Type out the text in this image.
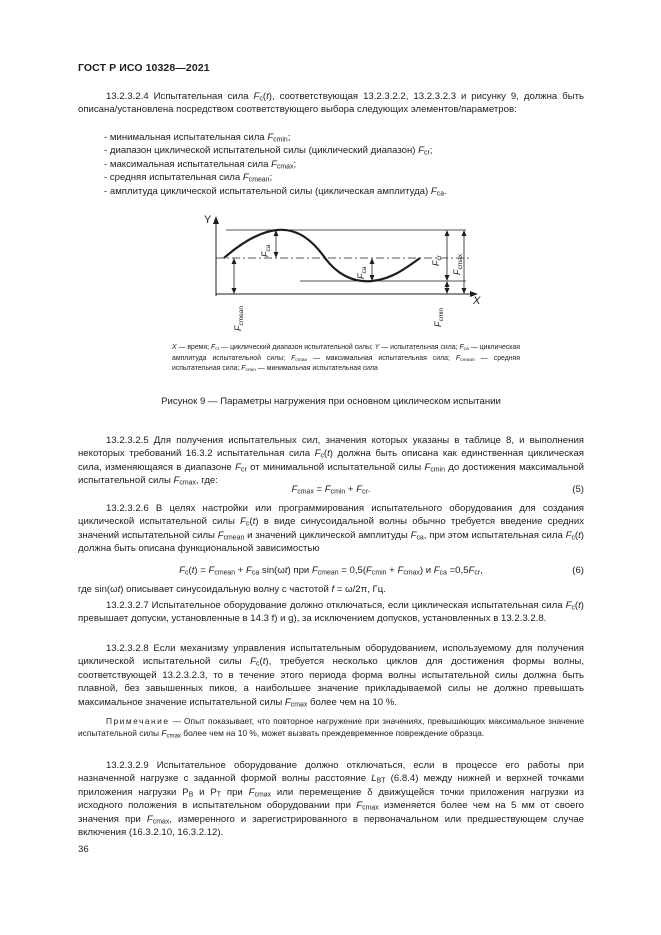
ГОСТ Р ИСО 10328—2021
13.2.3.2.4 Испытательная сила $F_c(t)$, соответствующая 13.2.3.2.2, 13.2.3.2.3 и рисунку 9, должна быть описана/установлена посредством соответствующего выбора следующих элементов/параметров:
- минимальная испытательная сила $F_{cmin}$;
- диапазон циклической испытательной силы (циклический диапазон) $F_{cr}$;
- максимальная испытательная сила $F_{cmax}$;
- средняя испытательная сила $F_{cmean}$;
- амплитуда циклической испытательной силы (циклическая амплитуда) $F_{ca}$.
Y
X
$F_{ca}$
$F_{ca}$
$F_{cr}$
$F_{cmax}$
$F_{cmean}$	$F_{cmin}$
X — время; $F_{cr}$ — циклический диапазон испытательной силы; Y — испытательная сила; $F_{ca}$ — циклическая амплитуда испытательной силы; $F_{cmax}$ — максимальная испытательная сила; $F_{cmean}$ — средняя испытательная сила; $F_{cmin}$ — минимальная испытательная сила
Рисунок 9 — Параметры нагружения при основном циклическом испытании
13.2.3.2.5 Для получения испытательных сил, значения которых указаны в таблице 8, и выполнения некоторых требований 16.3.2 испытательная сила $F_c(t)$ должна быть описана как единственная циклическая сила, изменяющаяся в диапазоне $F_{cr}$ от минимальной испытательной силы $F_{cmin}$ до достижения максимальной испытательной силы $F_{cmax}$, где:
$F_{cmax} = F_{cmin} + F_{cr}$.	(5)
13.2.3.2.6 В целях настройки или программирования испытательного оборудования для создания циклической испытательной силы $F_c(t)$ в виде синусоидальной волны обычно требуется введение средних значений испытательной силы $F_{cmean}$ и значений циклической амплитуды $F_{ca}$, при этом испытательная сила $F_c(t)$ должна быть описана функциональной зависимостью
$F_c(t) = F_{cmean} + F_{ca}$ sin(ωt) при $F_{cmean} = 0,5(F_{cmin} + F_{cmax})$ и $F_{ca} =0,5F_{cr}$,	(6)
где sin(ωt) описывает синусоидальную волну с частотой f = ω/2π, Гц.
13.2.3.2.7 Испытательное оборудование должно отключаться, если циклическая испытательная сила $F_c(t)$ превышает допуски, установленные в 14.3 f) и g), за исключением допусков, установленных в 13.2.3.2.8.
13.2.3.2.8 Если механизму управления испытательным оборудованием, используемому для получения циклической испытательной силы $F_c(t)$, требуется несколько циклов для достижения формы волны, соответствующей 13.2.3.2.3, то в течение этого периода форма волны испытательной силы должна быть плавной, без завышенных пиков, а наибольшее значение прикладываемой силы не должно превышать максимальное значение испытательной силы $F_{cmax}$ более чем на 10 %.
Примечание — Опыт показывает, что повторное нагружение при значениях, превышающих максимальное значение испытательной силы $F_{cmax}$ более чем на 10 %, может вызвать преждевременное повреждение образца.
13.2.3.2.9 Испытательное оборудование должно отключаться, если в процессе его работы при назначенной нагрузке с заданной формой волны расстояние $L_{BT}$ (6.8.4) между нижней и верхней точками приложения нагрузки $P_B$ и $P_T$ при $F_{cmax}$ или перемещение δ движущейся точки приложения нагрузки из исходного положения в испытательном оборудовании при $F_{cmax}$ изменяется более чем на 5 мм от своего значения при $F_{cmax}$, измеренного и зарегистрированного в первоначальном или предшествующем случае включения (16.3.2.10, 16.3.2.12).
36
